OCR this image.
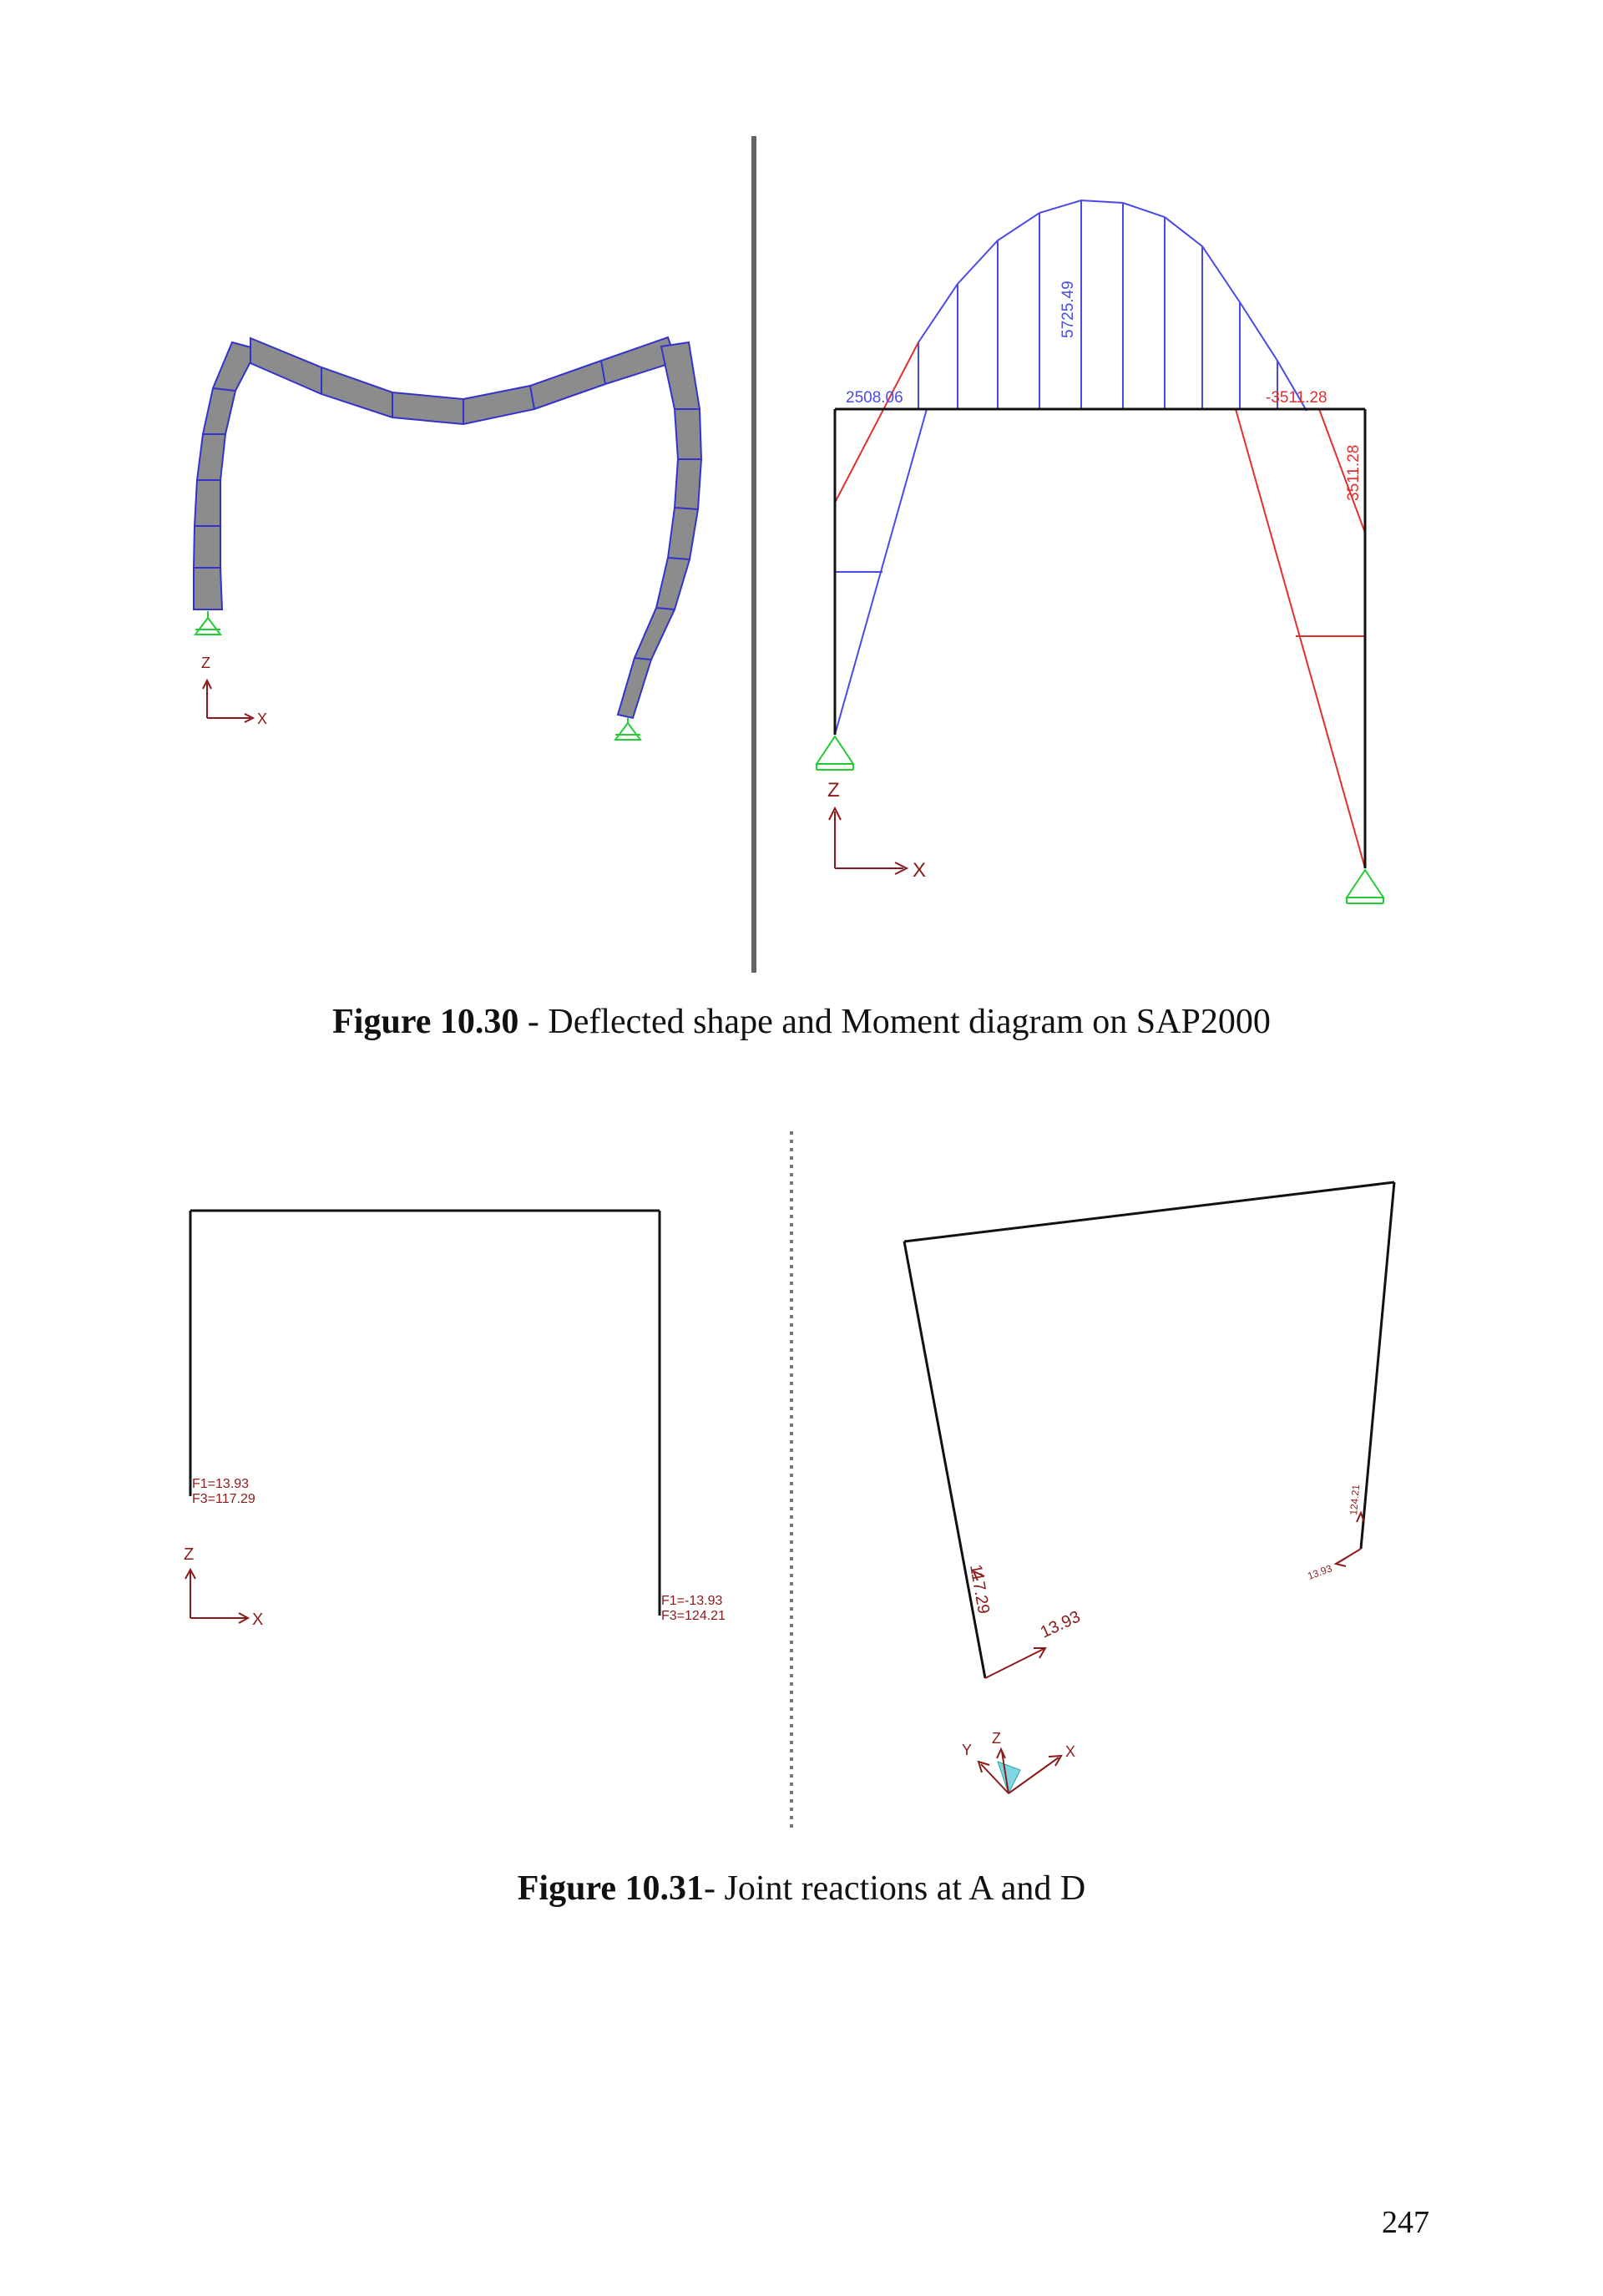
Z
X
5725.49
2508.06	-3511.28
3511.28
Z
X
F1=13.93
F3=117.29
F1=-13.93
F3=124.21
Z
X
117.29
13.93
124.21
13.93
Y
Z
X
Figure 10.30 - Deflected shape and Moment diagram on SAP2000
Figure 10.31- Joint reactions at A and D
247
